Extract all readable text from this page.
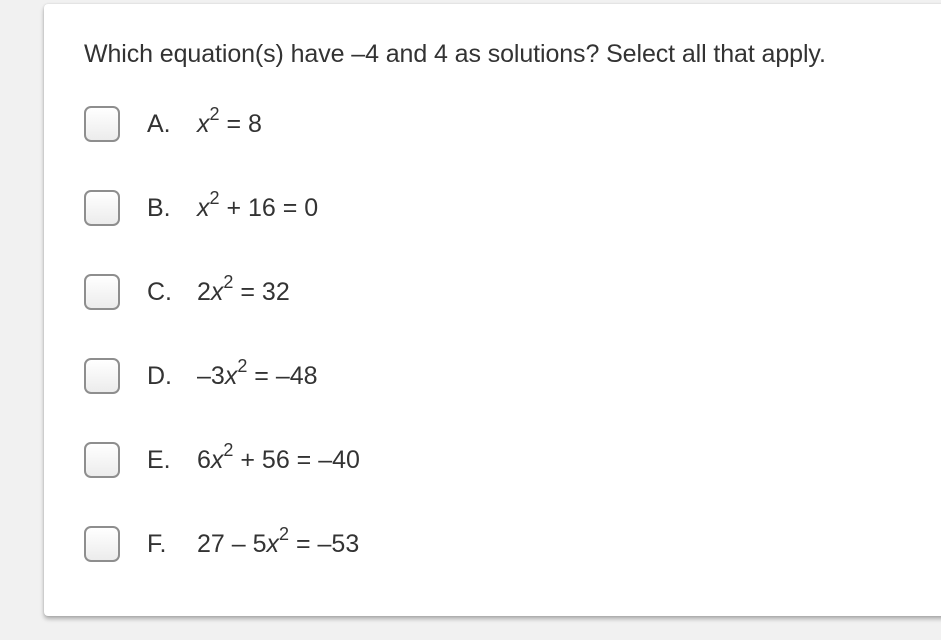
Which equation(s) have –4 and 4 as solutions? Select all that apply.
A.	$x^2 = 8$
B.	$x^2 + 16 = 0$
C.	$2x^2 = 32$
D.	$-3x^2 = -48$
E.	$6x^2 + 56 = -40$
F.	$27 - 5x^2 = -53$
